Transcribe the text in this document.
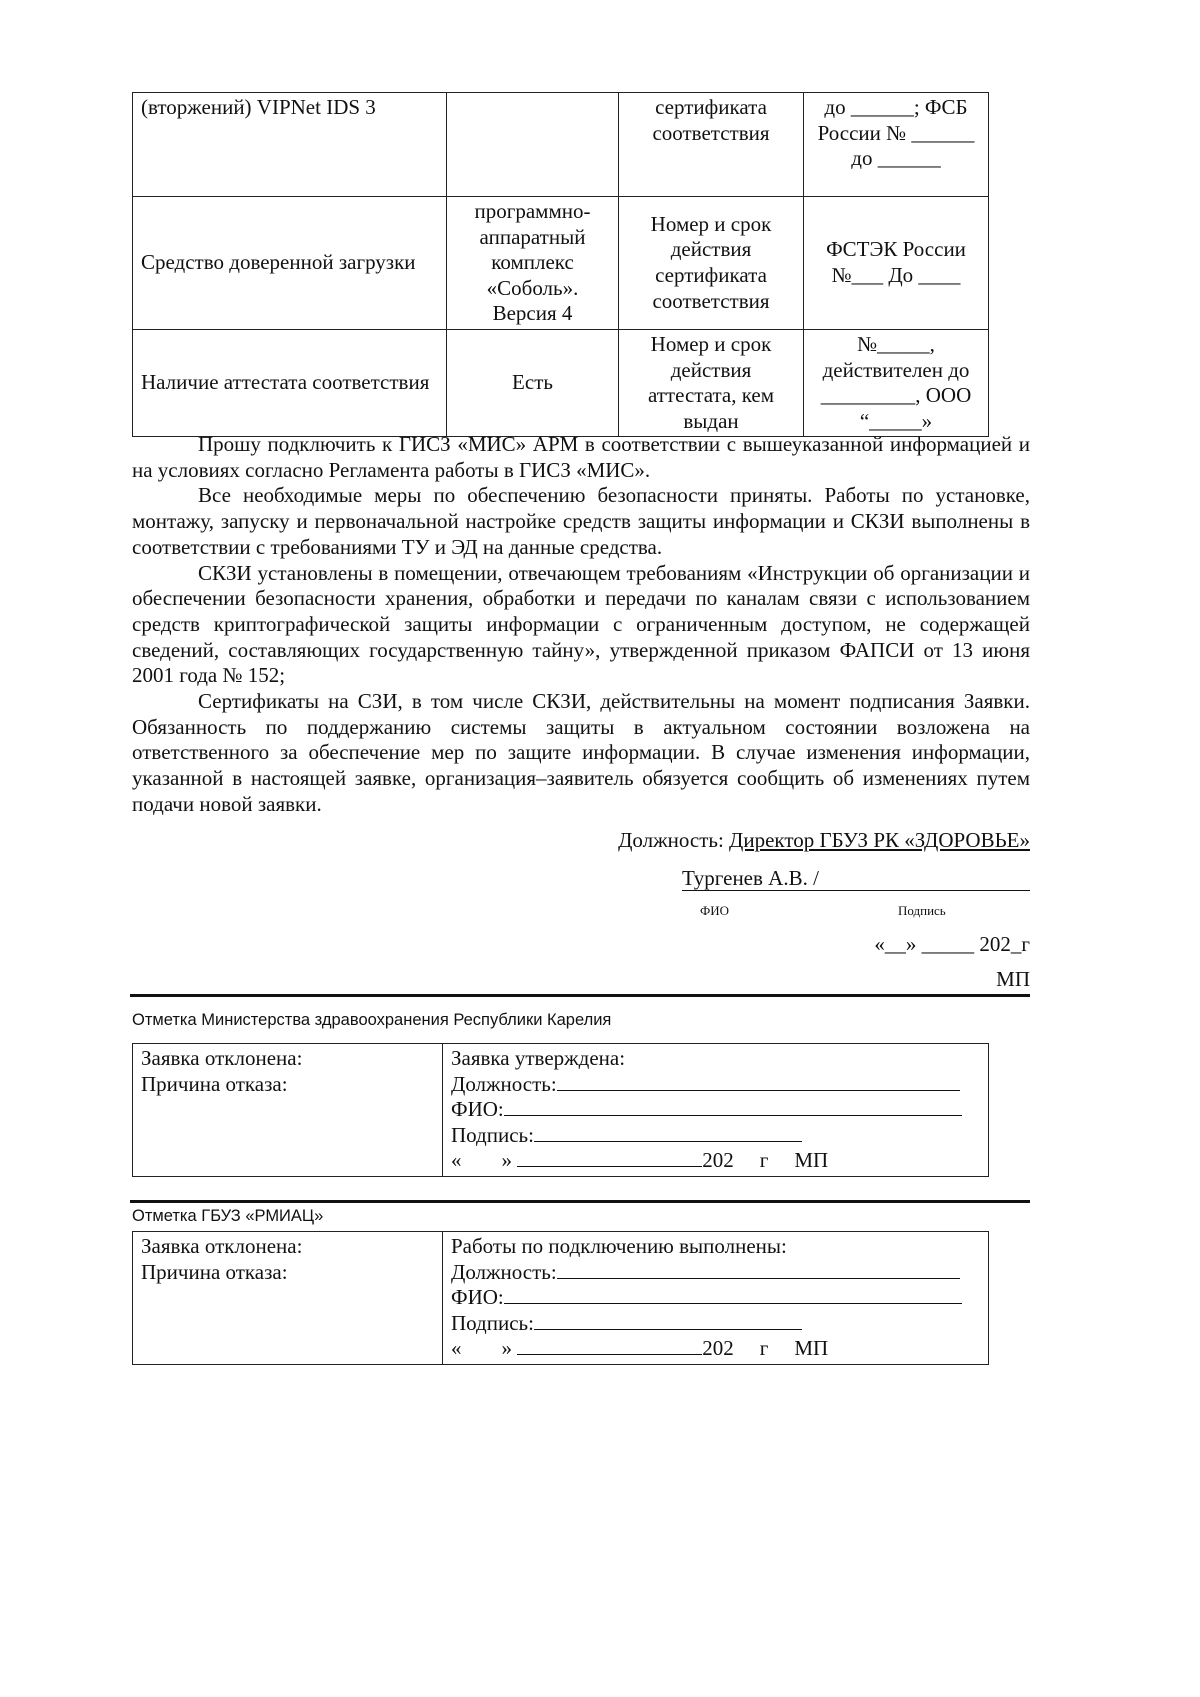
(вторжений) VIPNet IDS 3		сертификата соответствия	до ______; ФСБ России № ______ до ______
Средство доверенной загрузки	программно-аппаратный комплекс «Соболь». Версия 4	Номер и срок действия сертификата соответствия	ФСТЭК России №___ До ____
Наличие аттестата соответствия	Есть	Номер и срок действия аттестата, кем выдан	№_____, действителен до _________, ООО “_____»

Прошу подключить к ГИСЗ «МИС» АРМ в соответствии с вышеуказанной информацией и на условиях согласно Регламента работы в ГИСЗ «МИС».

Все необходимые меры по обеспечению безопасности приняты. Работы по установке, монтажу, запуску и первоначальной настройке средств защиты информации и СКЗИ выполнены в соответствии с требованиями ТУ и ЭД на данные средства.

СКЗИ установлены в помещении, отвечающем требованиям «Инструкции об организации и обеспечении безопасности хранения, обработки и передачи по каналам связи с использованием средств криптографической защиты информации с ограниченным доступом, не содержащей сведений, составляющих государственную тайну», утвержденной приказом ФАПСИ от 13 июня 2001 года № 152;

Сертификаты на СЗИ, в том числе СКЗИ, действительны на момент подписания Заявки. Обязанность по поддержанию системы защиты в актуальном состоянии возложена на ответственного за обеспечение мер по защите информации. В случае изменения информации, указанной в настоящей заявке, организация–заявитель обязуется сообщить об изменениях путем подачи новой заявки.

Должность: Директор ГБУЗ РК «ЗДОРОВЬЕ»
Тургенев А.В. /
ФИО	Подпись
«__» _____ 202_г
МП
Отметка Министерства здравоохранения Республики Карелия
Заявка отклонена:
Причина отказа:

Заявка утверждена:
Должность:
ФИО:
Подпись:
« »	202 г МП
Отметка ГБУЗ «РМИАЦ»
Заявка отклонена:
Причина отказа:

Работы по подключению выполнены:
Должность:
ФИО:
Подпись:
« »	202 г МП
